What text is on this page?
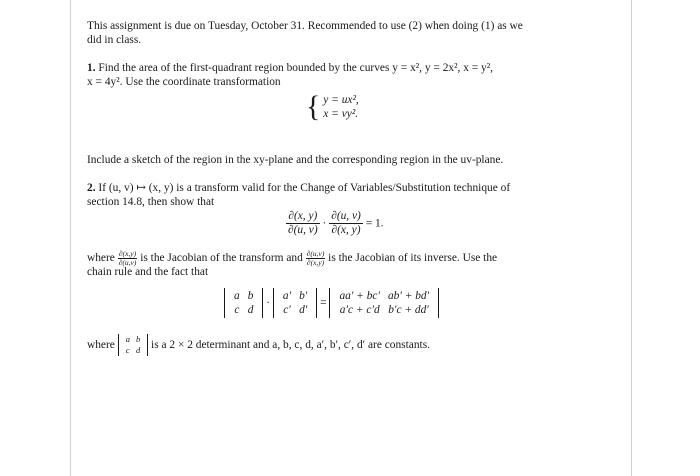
This assignment is due on Tuesday, October 31. Recommended to use (2) when doing (1) as we
did in class.
1. Find the area of the first-quadrant region bounded by the curves y = x², y = 2x², x = y²,
x = 4y². Use the coordinate transformation
{ y = ux²,
x = vy².
Include a sketch of the region in the xy-plane and the corresponding region in the uv-plane.
2. If (u, v) ↦ (x, y) is a transform valid for the Change of Variables/Substitution technique of
section 14.8, then show that
$\frac{\partial(x, y)}{\partial(u, v)} \cdot \frac{\partial(u, v)}{\partial(x, y)} = 1$.
where $\frac{\partial(x,y)}{\partial(u,v)}$ is the Jacobian of the transform and $\frac{\partial(u,v)}{\partial(x,y)}$ is the Jacobian of its inverse. Use the
chain rule and the fact that
a	b
c	d
·
a′	b′
c′	d′
=
aa′ + bc′	ab′ + bd′
a′c + c′d	b′c + dd′
where a	b
c	d is a 2 × 2 determinant and a, b, c, d, a′, b′, c′, d′ are constants.
